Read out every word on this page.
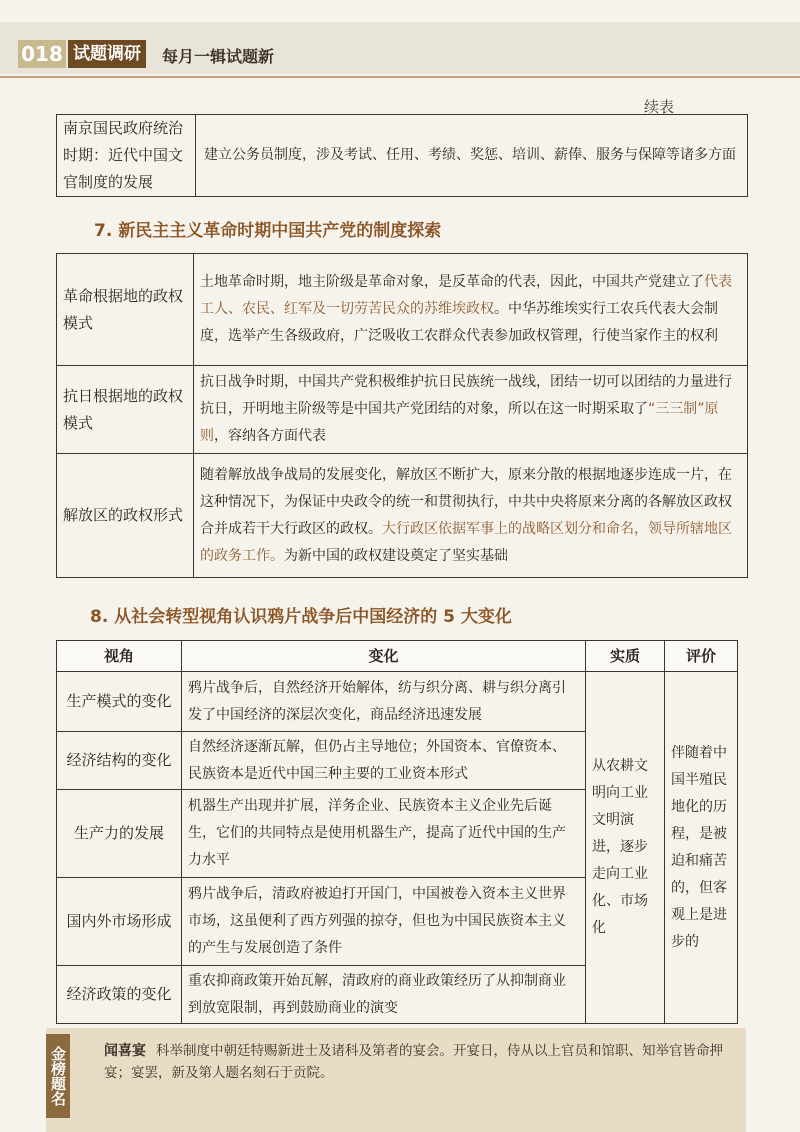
018 试题调研	每月一辑试题新
续表
南京国民政府统治时期：近代中国文官制度的发展	建立公务员制度，涉及考试、任用、考绩、奖惩、培训、薪俸、服务与保障等诸多方面
7. 新民主主义革命时期中国共产党的制度探索
革命根据地的政权模式	土地革命时期，地主阶级是革命对象，是反革命的代表，因此，中国共产党建立了代表工人、农民、红军及一切劳苦民众的苏维埃政权。中华苏维埃实行工农兵代表大会制度，选举产生各级政府，广泛吸收工农群众代表参加政权管理，行使当家作主的权利
抗日根据地的政权模式	抗日战争时期，中国共产党积极维护抗日民族统一战线，团结一切可以团结的力量进行抗日，开明地主阶级等是中国共产党团结的对象，所以在这一时期采取了“三三制”原则，容纳各方面代表
解放区的政权形式	随着解放战争战局的发展变化，解放区不断扩大，原来分散的根据地逐步连成一片，在这种情况下，为保证中央政令的统一和贯彻执行，中共中央将原来分离的各解放区政权合并成若干大行政区的政权。大行政区依据军事上的战略区划分和命名，领导所辖地区的政务工作。为新中国的政权建设奠定了坚实基础
8. 从社会转型视角认识鸦片战争后中国经济的 5 大变化
视角	变化	实质	评价
生产模式的变化	鸦片战争后，自然经济开始解体，纺与织分离、耕与织分离引发了中国经济的深层次变化，商品经济迅速发展	从农耕文明向工业文明演进，逐步走向工业化、市场化	伴随着中国半殖民地化的历程，是被迫和痛苦的，但客观上是进步的
经济结构的变化	自然经济逐渐瓦解，但仍占主导地位；外国资本、官僚资本、民族资本是近代中国三种主要的工业资本形式		
生产力的发展	机器生产出现并扩展，洋务企业、民族资本主义企业先后诞生，它们的共同特点是使用机器生产，提高了近代中国的生产力水平		
国内外市场形成	鸦片战争后，清政府被迫打开国门，中国被卷入资本主义世界市场，这虽便利了西方列强的掠夺，但也为中国民族资本主义的产生与发展创造了条件		
经济政策的变化	重农抑商政策开始瓦解，清政府的商业政策经历了从抑制商业到放宽限制，再到鼓励商业的演变		
金榜题名	闻喜宴 科举制度中朝廷特赐新进士及诸科及第者的宴会。开宴日，侍从以上官员和馆职、知举官皆命押宴；宴罢，新及第人题名刻石于贡院。
